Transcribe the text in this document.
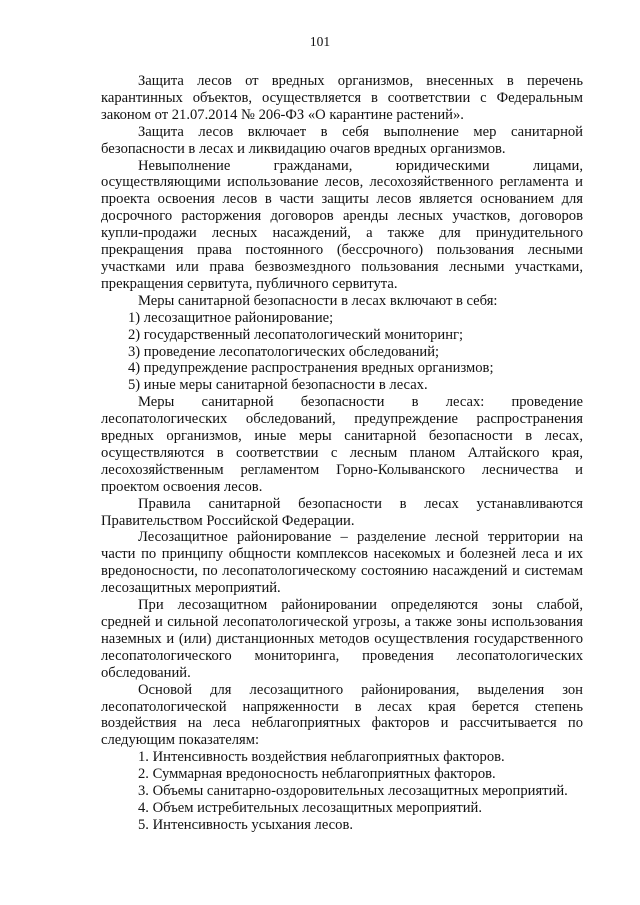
101

Защита лесов от вредных организмов, внесенных в перечень карантинных объектов, осуществляется в соответствии с Федеральным законом от 21.07.2014 № 206-ФЗ «О карантине растений».

Защита лесов включает в себя выполнение мер санитарной безопасности в лесах и ликвидацию очагов вредных организмов.

Невыполнение гражданами, юридическими лицами, осуществляющими использование лесов, лесохозяйственного регламента и проекта освоения лесов в части защиты лесов является основанием для досрочного расторжения договоров аренды лесных участков, договоров купли-продажи лесных насаждений, а также для принудительного прекращения права постоянного (бессрочного) пользования лесными участками или права безвозмездного пользования лесными участками, прекращения сервитута, публичного сервитута.

Меры санитарной безопасности в лесах включают в себя:

1) лесозащитное районирование;

2) государственный лесопатологический мониторинг;

3) проведение лесопатологических обследований;

4) предупреждение распространения вредных организмов;

5) иные меры санитарной безопасности в лесах.

Меры санитарной безопасности в лесах: проведение лесопатологических обследований, предупреждение распространения вредных организмов, иные меры санитарной безопасности в лесах, осуществляются в соответствии с лесным планом Алтайского края, лесохозяйственным регламентом Горно-Колыванского лесничества и проектом освоения лесов.

Правила санитарной безопасности в лесах устанавливаются Правительством Российской Федерации.

Лесозащитное районирование – разделение лесной территории на части по принципу общности комплексов насекомых и болезней леса и их вредоносности, по лесопатологическому состоянию насаждений и системам лесозащитных мероприятий.

При лесозащитном районировании определяются зоны слабой, средней и сильной лесопатологической угрозы, а также зоны использования наземных и (или) дистанционных методов осуществления государственного лесопатологического мониторинга, проведения лесопатологических обследований.

Основой для лесозащитного районирования, выделения зон лесопатологической напряженности в лесах края берется степень воздействия на леса неблагоприятных факторов и рассчитывается по следующим показателям:

1. Интенсивность воздействия неблагоприятных факторов.

2. Суммарная вредоносность неблагоприятных факторов.

3. Объемы санитарно-оздоровительных лесозащитных мероприятий.

4. Объем истребительных лесозащитных мероприятий.

5. Интенсивность усыхания лесов.
